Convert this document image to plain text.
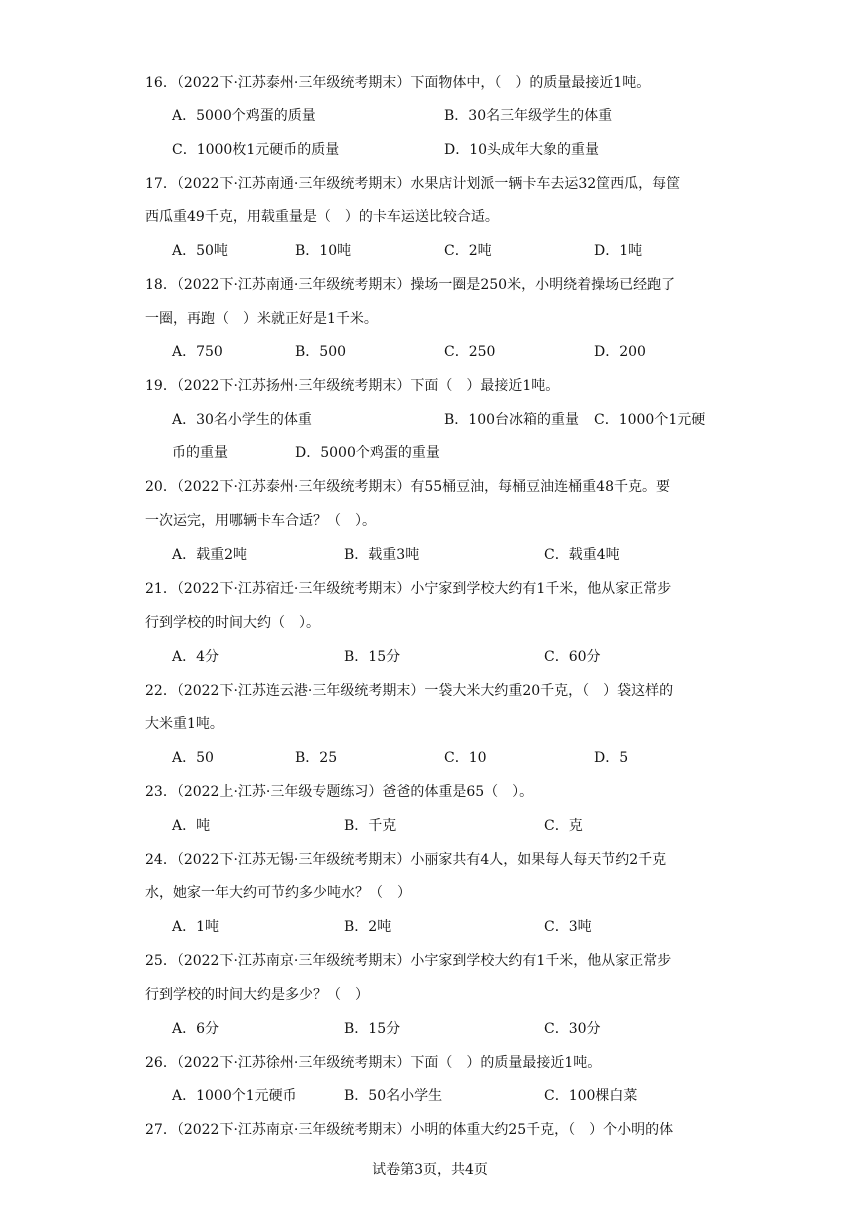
16．（2022下·江苏泰州·三年级统考期末）下面物体中，（　）的质量最接近1吨。
A．5000个鸡蛋的质量	B．30名三年级学生的体重
C．1000枚1元硬币的质量	D．10头成年大象的重量
17．（2022下·江苏南通·三年级统考期末）水果店计划派一辆卡车去运32筐西瓜，每筐
西瓜重49千克，用载重量是（　）的卡车运送比较合适。
A．50吨	B．10吨	C．2吨	D．1吨
18．（2022下·江苏南通·三年级统考期末）操场一圈是250米，小明绕着操场已经跑了
一圈，再跑（　）米就正好是1千米。
A．750	B．500	C．250	D．200
19．（2022下·江苏扬州·三年级统考期末）下面（　）最接近1吨。
A．30名小学生的体重	B．100台冰箱的重量 C．1000个1元硬
币的重量	D．5000个鸡蛋的重量
20．（2022下·江苏泰州·三年级统考期末）有55桶豆油，每桶豆油连桶重48千克。要
一次运完，用哪辆卡车合适？（　）。
A．载重2吨	B．载重3吨	C．载重4吨
21．（2022下·江苏宿迁·三年级统考期末）小宁家到学校大约有1千米，他从家正常步
行到学校的时间大约（　）。
A．4分	B．15分	C．60分
22．（2022下·江苏连云港·三年级统考期末）一袋大米大约重20千克，（　）袋这样的
大米重1吨。
A．50	B．25	C．10	D．5
23．（2022上·江苏·三年级专题练习）爸爸的体重是65（　）。
A．吨	B．千克	C．克
24．（2022下·江苏无锡·三年级统考期末）小丽家共有4人，如果每人每天节约2千克
水，她家一年大约可节约多少吨水？（　）
A．1吨	B．2吨	C．3吨
25．（2022下·江苏南京·三年级统考期末）小宇家到学校大约有1千米，他从家正常步
行到学校的时间大约是多少？（　）
A．6分	B．15分	C．30分
26．（2022下·江苏徐州·三年级统考期末）下面（　）的质量最接近1吨。
A．1000个1元硬币	B．50名小学生	C．100棵白菜
27．（2022下·江苏南京·三年级统考期末）小明的体重大约25千克，（　）个小明的体
试卷第3页，共4页
